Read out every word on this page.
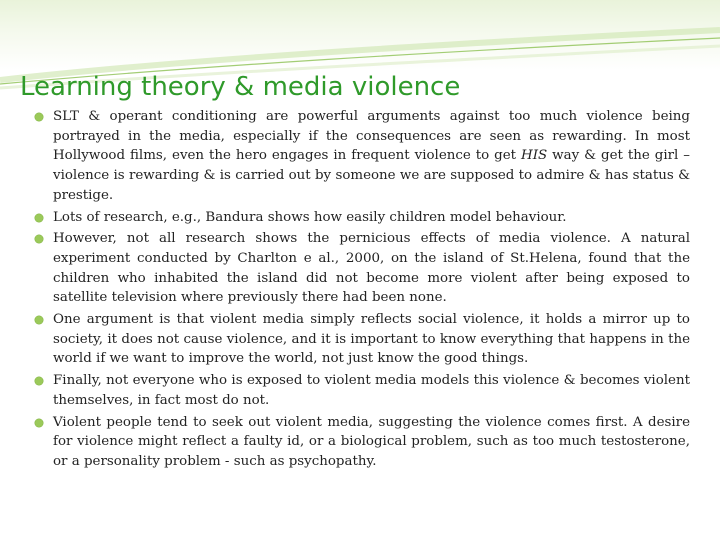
Learning theory & media violence
SLT & operant conditioning are powerful arguments against too much violence being portrayed in the media, especially if the consequences are seen as rewarding. In most Hollywood films, even the hero engages in frequent violence to get HIS way & get the girl – violence is rewarding & is carried out by someone we are supposed to admire & has status & prestige.
Lots of research, e.g., Bandura shows how easily children model behaviour.
However, not all research shows the pernicious effects of media violence. A natural experiment conducted by Charlton e al., 2000, on the island of St.Helena, found that the children who inhabited the island did not become more violent after being exposed to satellite television where previously there had been none.
One argument is that violent media simply reflects social violence, it holds a mirror up to society, it does not cause violence, and it is important to know everything that happens in the world if we want to improve the world, not just know the good things.
Finally, not everyone who is exposed to violent media models this violence & becomes violent themselves, in fact most do not.
Violent people tend to seek out violent media, suggesting the violence comes first. A desire for violence might reflect a faulty id, or a biological problem, such as too much testosterone, or a personality problem - such as psychopathy.
